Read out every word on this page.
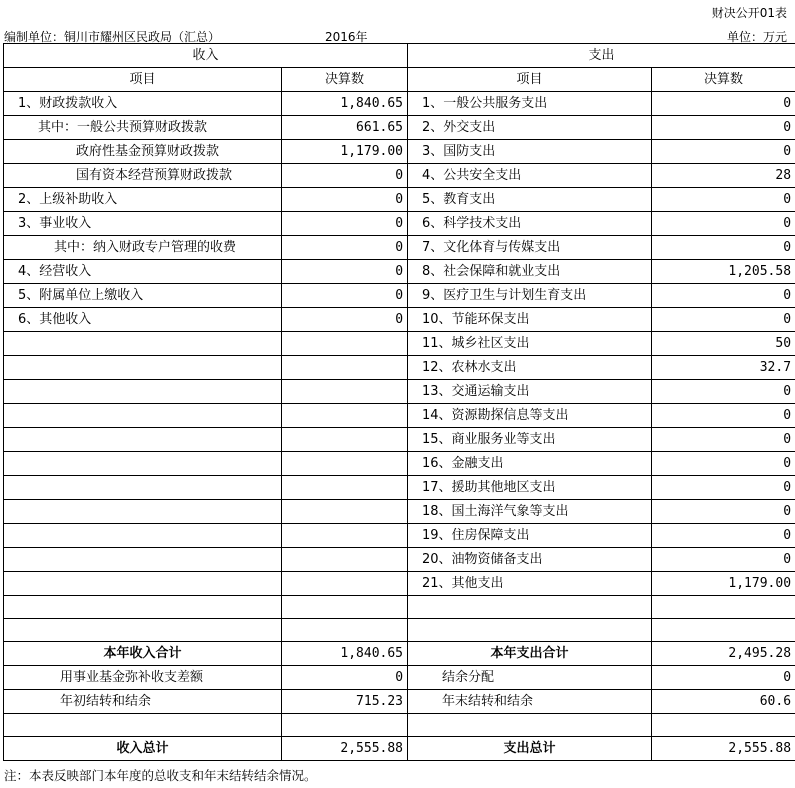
财决公开01表
编制单位：铜川市耀州区民政局（汇总）	2016年	单位：万元
收入		支出	
项目	决算数	项目	决算数
1、财政拨款收入	1,840.65	1、一般公共服务支出	0
其中：一般公共预算财政拨款	661.65	2、外交支出	0
政府性基金预算财政拨款	1,179.00	3、国防支出	0
国有资本经营预算财政拨款	0	4、公共安全支出	28
2、上级补助收入	0	5、教育支出	0
3、事业收入	0	6、科学技术支出	0
其中：纳入财政专户管理的收费	0	7、文化体育与传媒支出	0
4、经营收入	0	8、社会保障和就业支出	1,205.58
5、附属单位上缴收入	0	9、医疗卫生与计划生育支出	0
6、其他收入	0	10、节能环保支出	0
		11、城乡社区支出	50
		12、农林水支出	32.7
		13、交通运输支出	0
		14、资源勘探信息等支出	0
		15、商业服务业等支出	0
		16、金融支出	0
		17、援助其他地区支出	0
		18、国土海洋气象等支出	0
		19、住房保障支出	0
		20、油物资储备支出	0
		21、其他支出	1,179.00

本年收入合计	1,840.65	本年支出合计	2,495.28
用事业基金弥补收支差额	0	结余分配	0
年初结转和结余	715.23	年末结转和结余	60.6

收入总计	2,555.88	支出总计	2,555.88
注：本表反映部门本年度的总收支和年末结转结余情况。
